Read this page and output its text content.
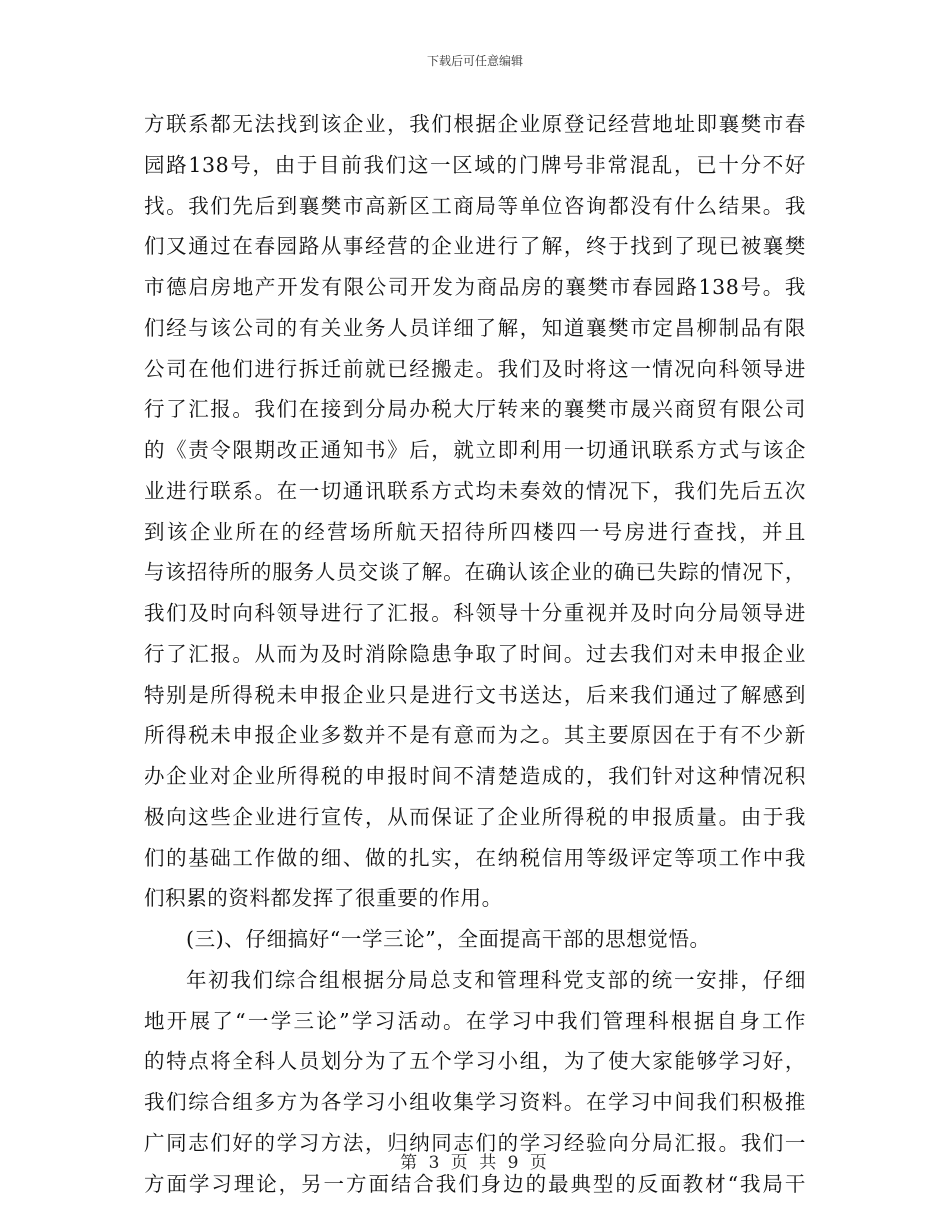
下载后可任意编辑
方联系都无法找到该企业，我们根据企业原登记经营地址即襄樊市春
园路138号，由于目前我们这一区域的门牌号非常混乱，已十分不好
找。我们先后到襄樊市高新区工商局等单位咨询都没有什么结果。我
们又通过在春园路从事经营的企业进行了解，终于找到了现已被襄樊
市德启房地产开发有限公司开发为商品房的襄樊市春园路138号。我
们经与该公司的有关业务人员详细了解，知道襄樊市定昌柳制品有限
公司在他们进行拆迁前就已经搬走。我们及时将这一情况向科领导进
行了汇报。我们在接到分局办税大厅转来的襄樊市晟兴商贸有限公司
的《责令限期改正通知书》后，就立即利用一切通讯联系方式与该企
业进行联系。在一切通讯联系方式均未奏效的情况下，我们先后五次
到该企业所在的经营场所航天招待所四楼四一号房进行查找，并且
与该招待所的服务人员交谈了解。在确认该企业的确已失踪的情况下，
我们及时向科领导进行了汇报。科领导十分重视并及时向分局领导进
行了汇报。从而为及时消除隐患争取了时间。过去我们对未申报企业
特别是所得税未申报企业只是进行文书送达，后来我们通过了解感到
所得税未申报企业多数并不是有意而为之。其主要原因在于有不少新
办企业对企业所得税的申报时间不清楚造成的，我们针对这种情况积
极向这些企业进行宣传，从而保证了企业所得税的申报质量。由于我
们的基础工作做的细、做的扎实，在纳税信用等级评定等项工作中我
们积累的资料都发挥了很重要的作用。
(三)、仔细搞好“一学三论”，全面提高干部的思想觉悟。
年初我们综合组根据分局总支和管理科党支部的统一安排，仔细
地开展了“一学三论”学习活动。在学习中我们管理科根据自身工作
的特点将全科人员划分为了五个学习小组，为了使大家能够学习好，
我们综合组多方为各学习小组收集学习资料。在学习中间我们积极推
广同志们好的学习方法，归纳同志们的学习经验向分局汇报。我们一
方面学习理论，另一方面结合我们身边的最典型的反面教材“我局干
第 3 页 共 9 页
